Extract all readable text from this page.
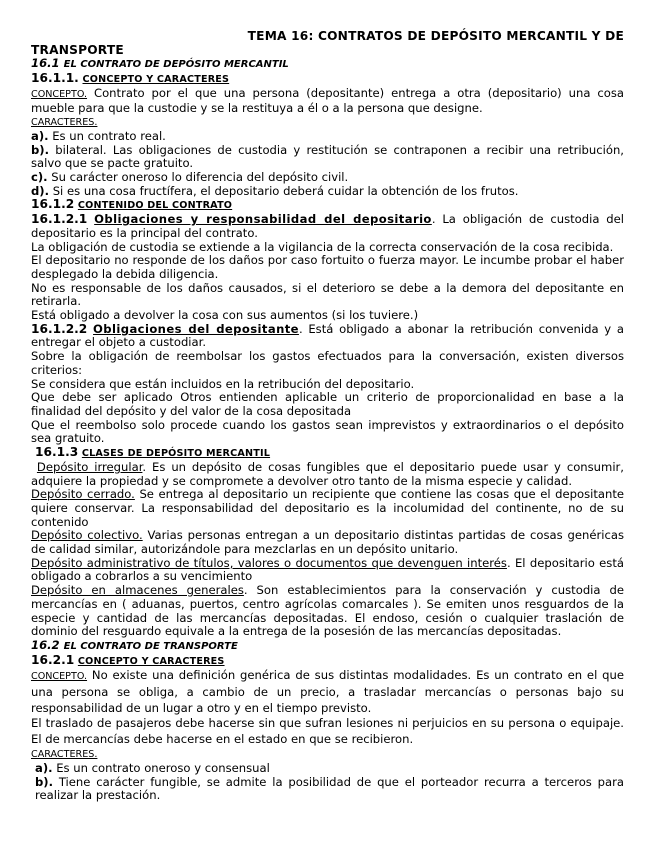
TEMA 16: CONTRATOS DE DEPÓSITO MERCANTIL Y DE
TRANSPORTE

16.1 EL CONTRATO DE DEPÓSITO MERCANTIL

16.1.1. CONCEPTO Y CARACTERES

CONCEPTO. Contrato por el que una persona (depositante) entrega a otra (depositario) una cosa mueble para que la custodie y se la restituya a él o a la persona que designe.

CARACTERES.

a). Es un contrato real.

b). bilateral. Las obligaciones de custodia y restitución se contraponen a recibir una retribución, salvo que se pacte gratuito.

c). Su carácter oneroso lo diferencia del depósito civil.

d). Si es una cosa fructífera, el depositario deberá cuidar la obtención de los frutos.

16.1.2 CONTENIDO DEL CONTRATO

16.1.2.1 Obligaciones y responsabilidad del depositario. La obligación de custodia del depositario es la principal del contrato.

La obligación de custodia se extiende a la vigilancia de la correcta conservación de la cosa recibida.

El depositario no responde de los daños por caso fortuito o fuerza mayor. Le incumbe probar el haber desplegado la debida diligencia.

No es responsable de los daños causados, si el deterioro se debe a la demora del depositante en retirarla.

Está obligado a devolver la cosa con sus aumentos (si los tuviere.)

16.1.2.2 Obligaciones del depositante. Está obligado a abonar la retribución convenida y a entregar el objeto a custodiar.

Sobre la obligación de reembolsar los gastos efectuados para la conversación, existen diversos criterios:

Se considera que están incluidos en la retribución del depositario.

Que debe ser aplicado Otros entienden aplicable un criterio de proporcionalidad en base a la finalidad del depósito y del valor de la cosa depositada

Que el reembolso solo procede cuando los gastos sean imprevistos y extraordinarios o el depósito sea gratuito.

16.1.3 CLASES DE DEPÓSITO MERCANTIL

Depósito irregular. Es un depósito de cosas fungibles que el depositario puede usar y consumir, adquiere la propiedad y se compromete a devolver otro tanto de la misma especie y calidad.

Depósito cerrado. Se entrega al depositario un recipiente que contiene las cosas que el depositante quiere conservar. La responsabilidad del depositario es la incolumidad del continente, no de su contenido

Depósito colectivo. Varias personas entregan a un depositario distintas partidas de cosas genéricas de calidad similar, autorizándole para mezclarlas en un depósito unitario.

Depósito administrativo de títulos, valores o documentos que devenguen interés. El depositario está obligado a cobrarlos a su vencimiento

Depósito en almacenes generales. Son establecimientos para la conservación y custodia de mercancías en ( aduanas, puertos, centro agrícolas comarcales ). Se emiten unos resguardos de la especie y cantidad de las mercancías depositadas. El endoso, cesión o cualquier traslación de dominio del resguardo equivale a la entrega de la posesión de las mercancías depositadas.

16.2 EL CONTRATO DE TRANSPORTE

16.2.1 CONCEPTO Y CARACTERES

CONCEPTO. No existe una definición genérica de sus distintas modalidades. Es un contrato en el que una persona se obliga, a cambio de un precio, a trasladar mercancías o personas bajo su responsabilidad de un lugar a otro y en el tiempo previsto.

El traslado de pasajeros debe hacerse sin que sufran lesiones ni perjuicios en su persona o equipaje. El de mercancías debe hacerse en el estado en que se recibieron.

CARACTERES.

a). Es un contrato oneroso y consensual

b). Tiene carácter fungible, se admite la posibilidad de que el porteador recurra a terceros para realizar la prestación.
